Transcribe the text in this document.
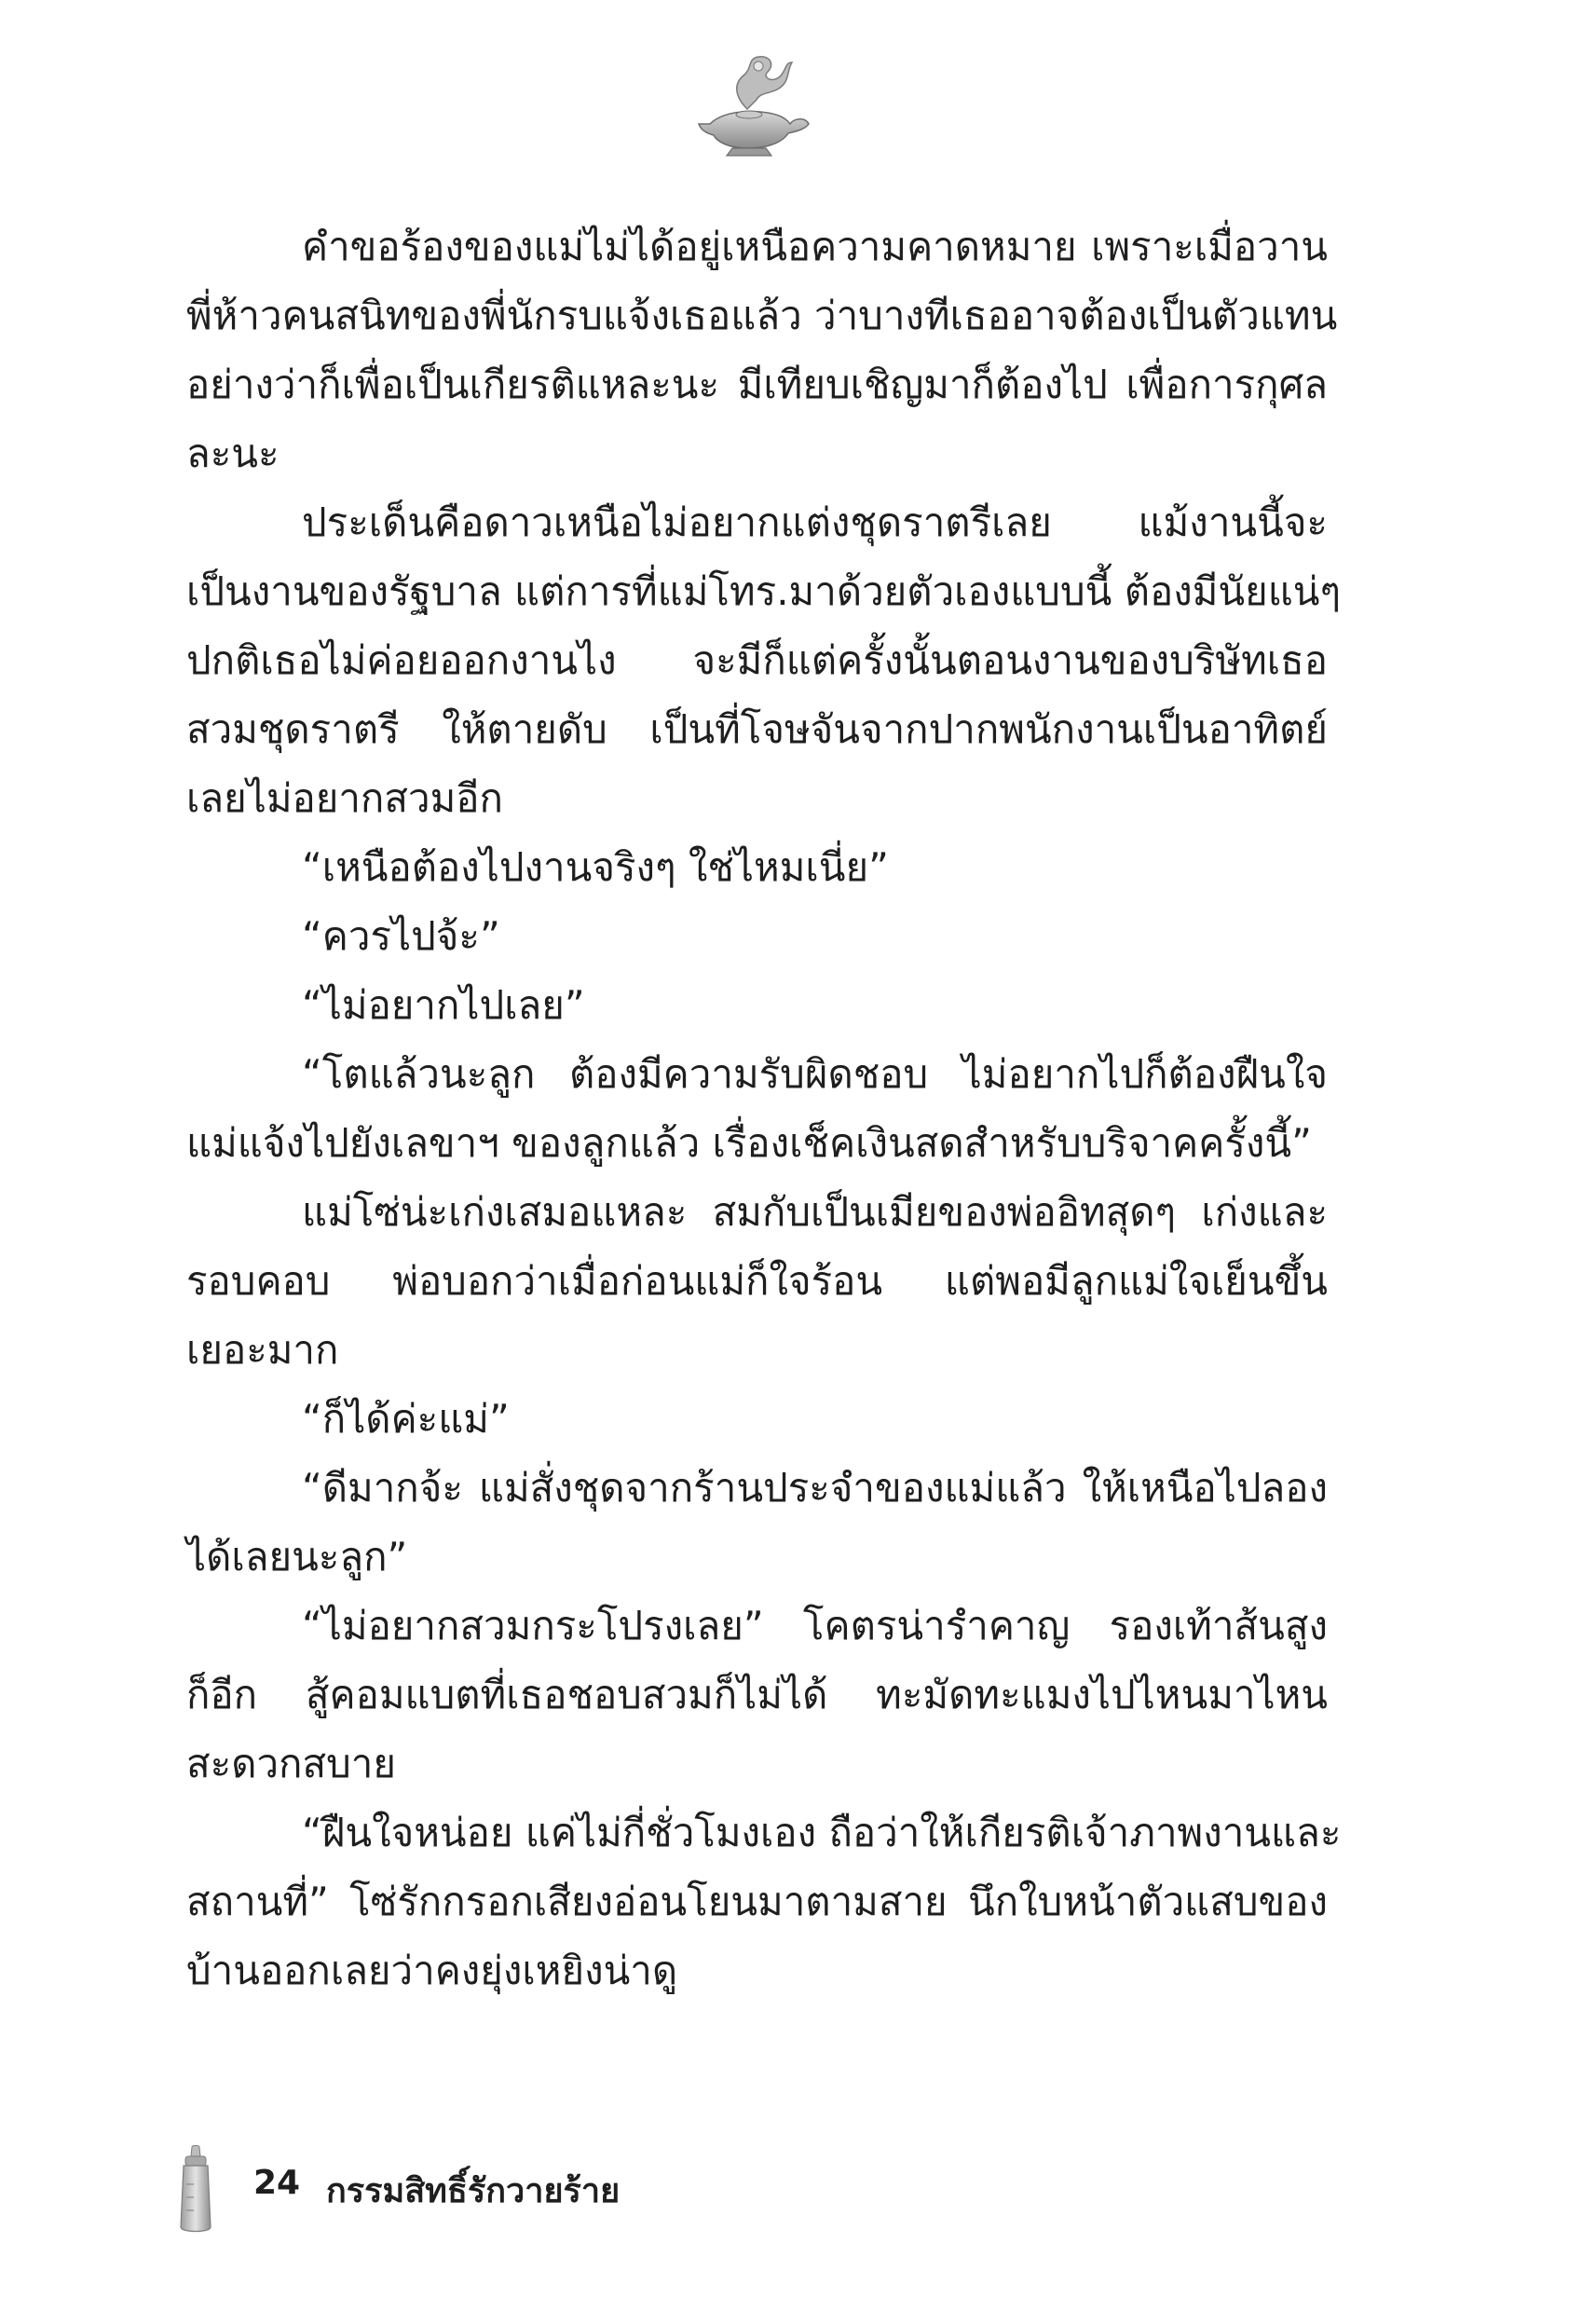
คำขอร้องของแม่ไม่ได้อยู่เหนือความคาดหมาย เพราะเมื่อวาน
พี่ห้าวคนสนิทของพี่นักรบแจ้งเธอแล้ว ว่าบางทีเธออาจต้องเป็นตัวแทน
อย่างว่าก็เพื่อเป็นเกียรติแหละนะ มีเทียบเชิญมาก็ต้องไป เพื่อการกุศล
ละนะ
ประเด็นคือดาวเหนือไม่อยากแต่งชุดราตรีเลย แม้งานนี้จะ
เป็นงานของรัฐบาล แต่การที่แม่โทร.มาด้วยตัวเองแบบนี้ ต้องมีนัยแน่ๆ
ปกติเธอไม่ค่อยออกงานไง จะมีก็แต่ครั้งนั้นตอนงานของบริษัทเธอ
สวมชุดราตรี ให้ตายดับ เป็นที่โจษจันจากปากพนักงานเป็นอาทิตย์
เลยไม่อยากสวมอีก
“เหนือต้องไปงานจริงๆ ใช่ไหมเนี่ย”
“ควรไปจ้ะ”
“ไม่อยากไปเลย”
“โตแล้วนะลูก ต้องมีความรับผิดชอบ ไม่อยากไปก็ต้องฝืนใจ
แม่แจ้งไปยังเลขาฯ ของลูกแล้ว เรื่องเช็คเงินสดสำหรับบริจาคครั้งนี้”
แม่โซ่น่ะเก่งเสมอแหละ สมกับเป็นเมียของพ่ออิทสุดๆ เก่งและ
รอบคอบ พ่อบอกว่าเมื่อก่อนแม่ก็ใจร้อน แต่พอมีลูกแม่ใจเย็นขึ้น
เยอะมาก
“ก็ได้ค่ะแม่”
“ดีมากจ้ะ แม่สั่งชุดจากร้านประจำของแม่แล้ว ให้เหนือไปลอง
ได้เลยนะลูก”
“ไม่อยากสวมกระโปรงเลย” โคตรน่ารำคาญ รองเท้าส้นสูง
ก็อีก สู้คอมแบตที่เธอชอบสวมก็ไม่ได้ ทะมัดทะแมงไปไหนมาไหน
สะดวกสบาย
“ฝืนใจหน่อย แค่ไม่กี่ชั่วโมงเอง ถือว่าให้เกียรติเจ้าภาพงานและ
สถานที่” โซ่รักกรอกเสียงอ่อนโยนมาตามสาย นึกใบหน้าตัวแสบของ
บ้านออกเลยว่าคงยุ่งเหยิงน่าดู
24 กรรมสิทธิ์รักวายร้าย
